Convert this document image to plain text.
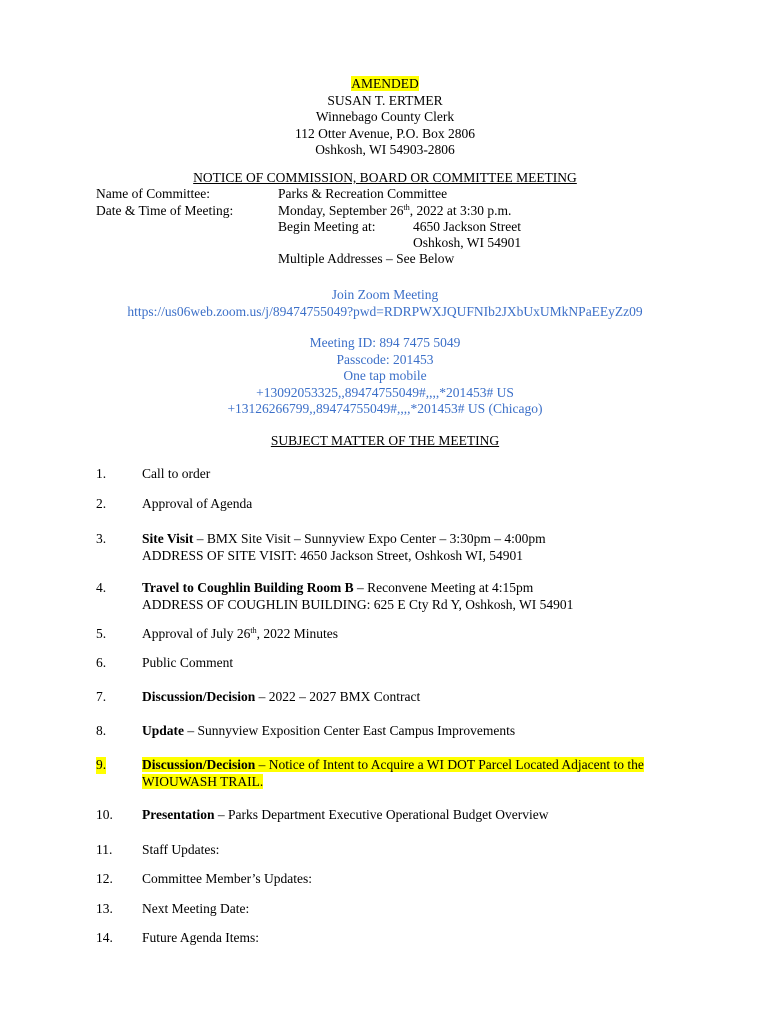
AMENDED
SUSAN T. ERTMER
Winnebago County Clerk
112 Otter Avenue, P.O. Box 2806
Oshkosh, WI 54903-2806
NOTICE OF COMMISSION, BOARD OR COMMITTEE MEETING
Name of Committee:	Parks & Recreation Committee
Date & Time of Meeting:	Monday, September 26th, 2022 at 3:30 p.m.
Begin Meeting at:	4650 Jackson Street
Oshkosh, WI 54901
Multiple Addresses – See Below
Join Zoom Meeting
https://us06web.zoom.us/j/89474755049?pwd=RDRPWXJQUFNIb2JXbUxUMkNPaEEyZz09
Meeting ID: 894 7475 5049
Passcode: 201453
One tap mobile
+13092053325,,89474755049#,,,,*201453# US
+13126266799,,89474755049#,,,,*201453# US (Chicago)
SUBJECT MATTER OF THE MEETING
1.	Call to order
2.	Approval of Agenda
3.	Site Visit – BMX Site Visit – Sunnyview Expo Center – 3:30pm – 4:00pm
ADDRESS OF SITE VISIT: 4650 Jackson Street, Oshkosh WI, 54901
4.	Travel to Coughlin Building Room B – Reconvene Meeting at 4:15pm
ADDRESS OF COUGHLIN BUILDING: 625 E Cty Rd Y, Oshkosh, WI 54901
5.	Approval of July 26th, 2022 Minutes
6.	Public Comment
7.	Discussion/Decision – 2022 – 2027 BMX Contract
8.	Update – Sunnyview Exposition Center East Campus Improvements
9.	Discussion/Decision – Notice of Intent to Acquire a WI DOT Parcel Located Adjacent to the
WIOUWASH TRAIL.
10. Presentation – Parks Department Executive Operational Budget Overview
11. Staff Updates:
12. Committee Member’s Updates:
13. Next Meeting Date:
14. Future Agenda Items:
